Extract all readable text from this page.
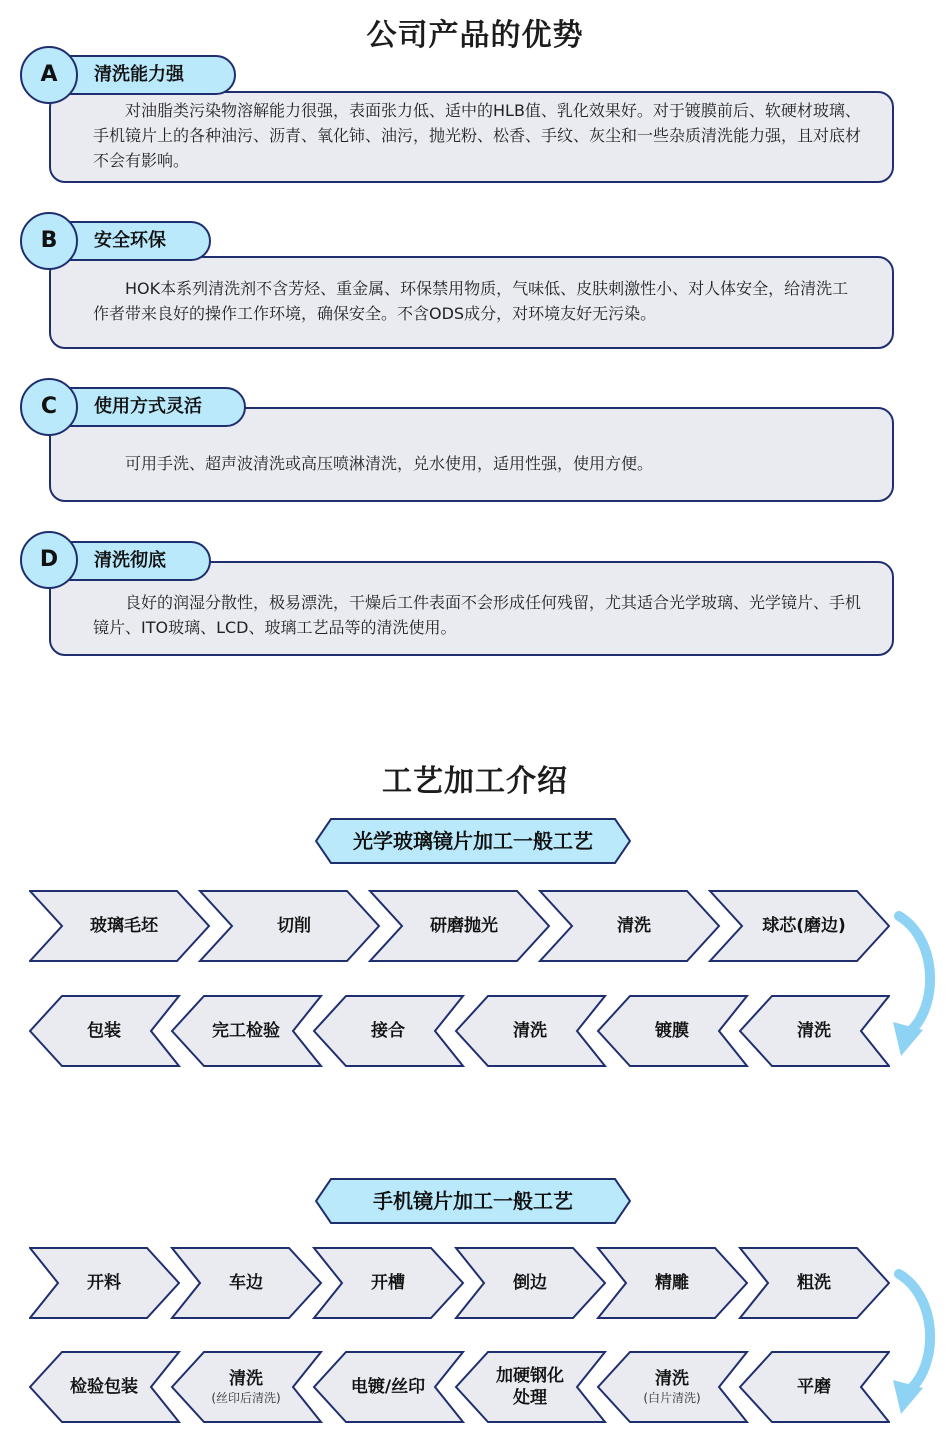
公司产品的优势

对油脂类污染物溶解能力很强，表面张力低、适中的HLB值、乳化效果好。对于镀膜前后、软硬材玻璃、手机镜片上的各种油污、沥青、氧化铈、油污，抛光粉、松香、手纹、灰尘和一些杂质清洗能力强，且对底材不会有影响。

清洗能力强
A

HOK本系列清洗剂不含芳烃、重金属、环保禁用物质，气味低、皮肤刺激性小、对人体安全，给清洗工作者带来良好的操作工作环境，确保安全。不含ODS成分，对环境友好无污染。

安全环保
B

可用手洗、超声波清洗或高压喷淋清洗，兑水使用，适用性强，使用方便。

使用方式灵活
C

良好的润湿分散性，极易漂洗，干燥后工件表面不会形成任何残留，尤其适合光学玻璃、光学镜片、手机镜片、ITO玻璃、LCD、玻璃工艺品等的清洗使用。

清洗彻底
D
工艺加工介绍
光学玻璃镜片加工一般工艺
玻璃毛坯	切削	研磨抛光	清洗	球芯(磨边)
包装	完工检验	接合	清洗	镀膜	清洗
手机镜片加工一般工艺
开料	车边	开槽	倒边	精雕	粗洗
检验包装	清洗
(丝印后清洗)
电镀/丝印
加硬钢化
处理
清洗
(白片清洗)
平磨
